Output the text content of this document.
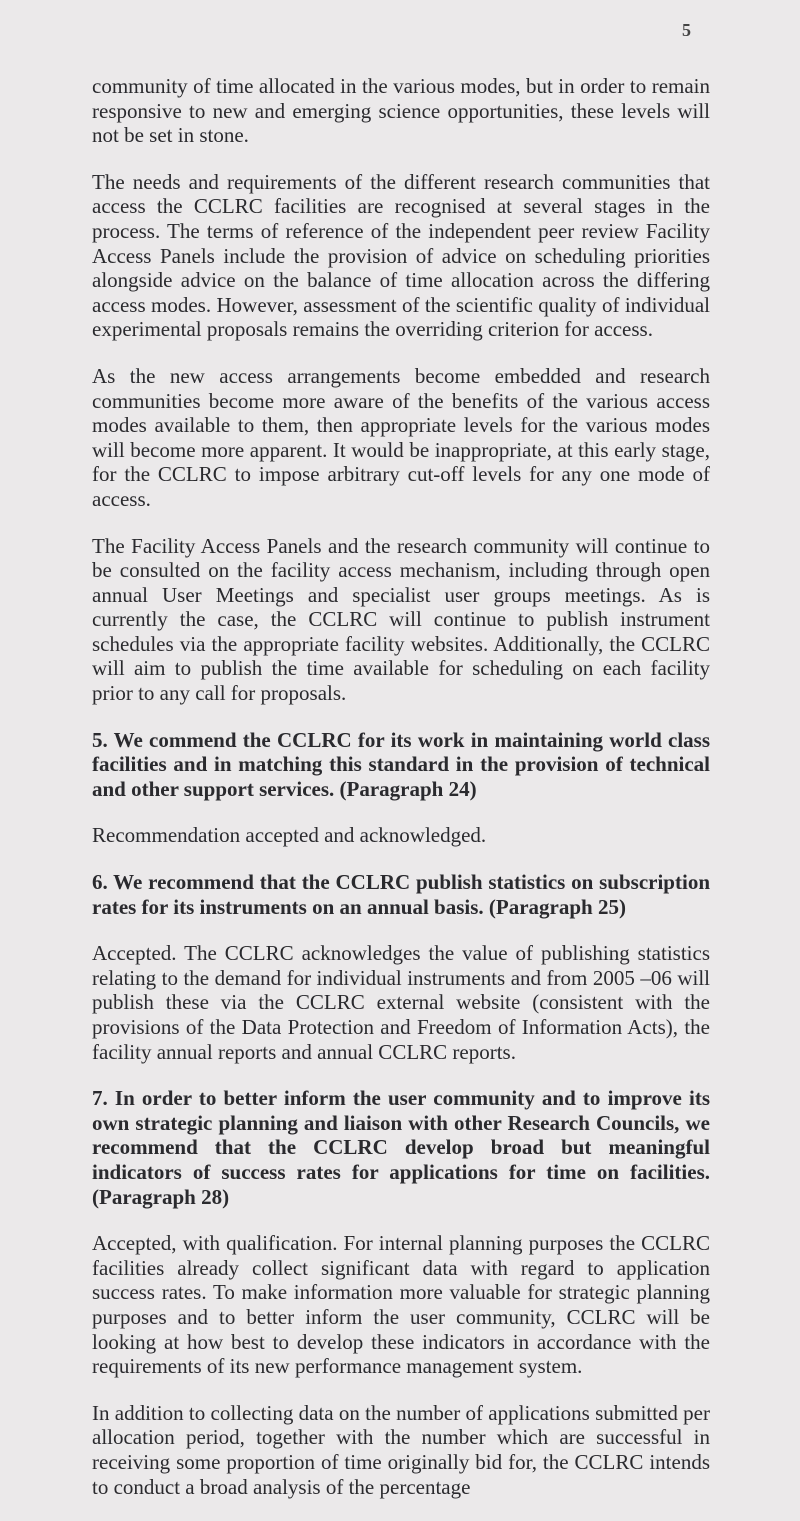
5

community of time allocated in the various modes, but in order to remain responsive to new and emerging science opportunities, these levels will not be set in stone.

The needs and requirements of the different research communities that access the CCLRC facilities are recognised at several stages in the process. The terms of reference of the independent peer review Facility Access Panels include the provision of advice on scheduling priorities alongside advice on the balance of time allocation across the differing access modes. However, assessment of the scientific quality of individual experimental proposals remains the overriding criterion for access.

As the new access arrangements become embedded and research communities become more aware of the benefits of the various access modes available to them, then appropriate levels for the various modes will become more apparent. It would be inappropriate, at this early stage, for the CCLRC to impose arbitrary cut-off levels for any one mode of access.

The Facility Access Panels and the research community will continue to be consulted on the facility access mechanism, including through open annual User Meetings and specialist user groups meetings. As is currently the case, the CCLRC will continue to publish instrument schedules via the appropriate facility websites. Additionally, the CCLRC will aim to publish the time available for scheduling on each facility prior to any call for proposals.

5. We commend the CCLRC for its work in maintaining world class facilities and in matching this standard in the provision of technical and other support services. (Paragraph 24)

Recommendation accepted and acknowledged.

6. We recommend that the CCLRC publish statistics on subscription rates for its instruments on an annual basis. (Paragraph 25)

Accepted. The CCLRC acknowledges the value of publishing statistics relating to the demand for individual instruments and from 2005 –06 will publish these via the CCLRC external website (consistent with the provisions of the Data Protection and Freedom of Information Acts), the facility annual reports and annual CCLRC reports.

7. In order to better inform the user community and to improve its own strategic planning and liaison with other Research Councils, we recommend that the CCLRC develop broad but meaningful indicators of success rates for applications for time on facilities. (Paragraph 28)

Accepted, with qualification. For internal planning purposes the CCLRC facilities already collect significant data with regard to application success rates. To make information more valuable for strategic planning purposes and to better inform the user community, CCLRC will be looking at how best to develop these indicators in accordance with the requirements of its new performance management system.

In addition to collecting data on the number of applications submitted per allocation period, together with the number which are successful in receiving some proportion of time originally bid for, the CCLRC intends to conduct a broad analysis of the percentage
